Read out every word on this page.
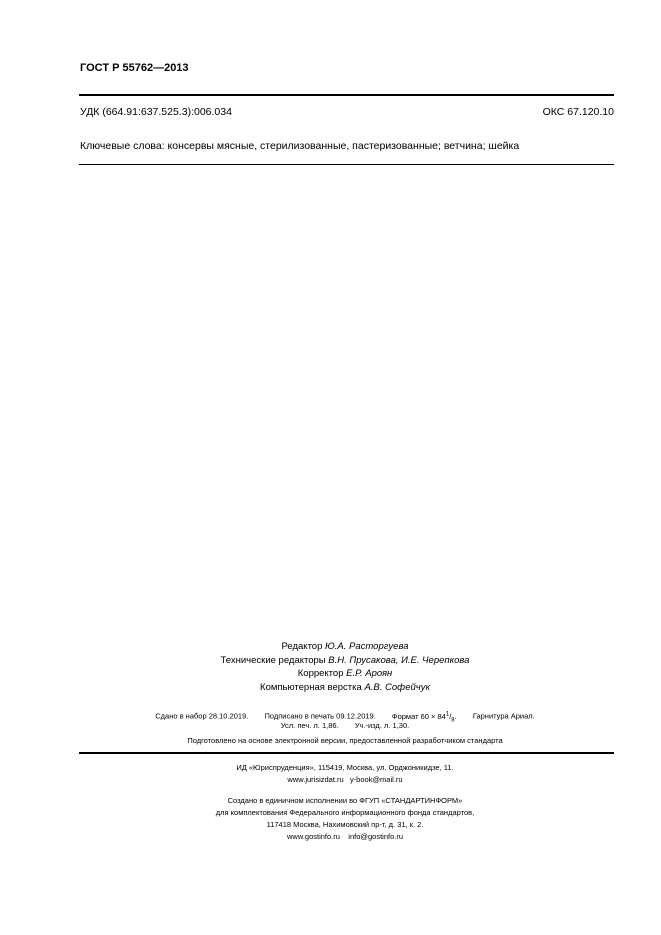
ГОСТ Р 55762—2013
УДК (664.91:637.525.3):006.034	ОКС 67.120.10
Ключевые слова: консервы мясные, стерилизованные, пастеризованные; ветчина; шейка
Редактор Ю.А. Расторгуева
Технические редакторы В.Н. Прусакова, И.Е. Черепкова
Корректор Е.Р. Ароян
Компьютерная верстка А.В. Софейчук
Сдано в набор 28.10.2019. Подписано в печать 09.12.2019. Формат $60 \times 84^1/_8$. Гарнитура Ариал.
Усл. печ. л. 1,86. Уч.-изд. л. 1,30.
Подготовлено на основе электронной версии, предоставленной разработчиком стандарта
ИД «Юриспруденция», 115419, Москва, ул. Орджоникидзе, 11.
www.jurisizdat.ru y-book@mail.ru
Создано в единичном исполнении во ФГУП «СТАНДАРТИНФОРМ»
для комплектования Федерального информационного фонда стандартов,
117418 Москва, Нахимовский пр-т, д. 31, к. 2.
www.gostinfo.ru info@gostinfo.ru
